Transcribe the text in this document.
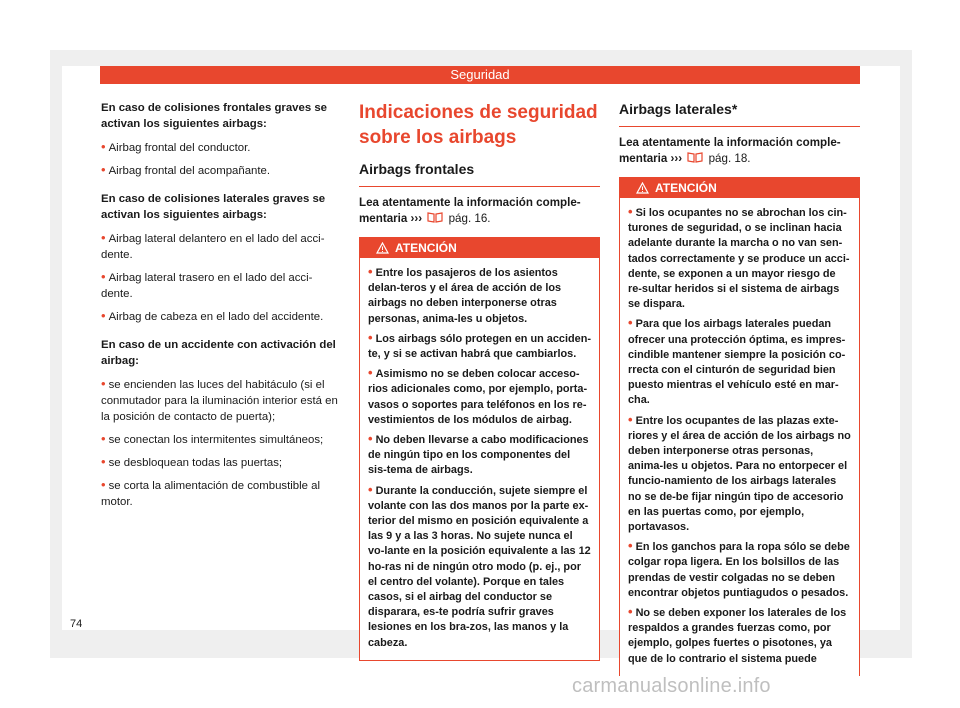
Seguridad

En caso de colisiones frontales graves se activan los siguientes airbags:

• Airbag frontal del conductor.

• Airbag frontal del acompañante.

En caso de colisiones laterales graves se activan los siguientes airbags:

• Airbag lateral delantero en el lado del acci-dente.

• Airbag lateral trasero en el lado del acci-dente.

• Airbag de cabeza en el lado del accidente.

En caso de un accidente con activación del airbag:

• se encienden las luces del habitáculo (si el conmutador para la iluminación interior está en la posición de contacto de puerta);

• se conectan los intermitentes simultáneos;

• se desbloquean todas las puertas;

• se corta la alimentación de combustible al motor.

Indicaciones de seguridad sobre los airbags
Airbags frontales

Lea atentamente la información comple-mentaria ››› pág. 16.

ATENCIÓN

• Entre los pasajeros de los asientos delan-teros y el área de acción de los airbags no deben interponerse otras personas, anima-les u objetos.

• Los airbags sólo protegen en un acciden-te, y si se activan habrá que cambiarlos.

• Asimismo no se deben colocar acceso-rios adicionales como, por ejemplo, porta-vasos o soportes para teléfonos en los re-vestimientos de los módulos de airbag.

• No deben llevarse a cabo modificaciones de ningún tipo en los componentes del sis-tema de airbags.

• Durante la conducción, sujete siempre el volante con las dos manos por la parte ex-terior del mismo en posición equivalente a las 9 y a las 3 horas. No sujete nunca el vo-lante en la posición equivalente a las 12 ho-ras ni de ningún otro modo (p. ej., por el centro del volante). Porque en tales casos, si el airbag del conductor se disparara, es-te podría sufrir graves lesiones en los bra-zos, las manos y la cabeza.

Airbags laterales*

Lea atentamente la información comple-mentaria ››› pág. 18.

ATENCIÓN

• Si los ocupantes no se abrochan los cin-turones de seguridad, o se inclinan hacia adelante durante la marcha o no van sen-tados correctamente y se produce un acci-dente, se exponen a un mayor riesgo de re-sultar heridos si el sistema de airbags se dispara.

• Para que los airbags laterales puedan ofrecer una protección óptima, es impres-cindible mantener siempre la posición co-rrecta con el cinturón de seguridad bien puesto mientras el vehículo esté en mar-cha.

• Entre los ocupantes de las plazas exte-riores y el área de acción de los airbags no deben interponerse otras personas, anima-les u objetos. Para no entorpecer el funcio-namiento de los airbags laterales no se de-be fijar ningún tipo de accesorio en las puertas como, por ejemplo, portavasos.

• En los ganchos para la ropa sólo se debe colgar ropa ligera. En los bolsillos de las prendas de vestir colgadas no se deben encontrar objetos puntiagudos o pesados.

• No se deben exponer los laterales de los respaldos a grandes fuerzas como, por ejemplo, golpes fuertes o pisotones, ya que de lo contrario el sistema puede

74
carmanualsonline.info
